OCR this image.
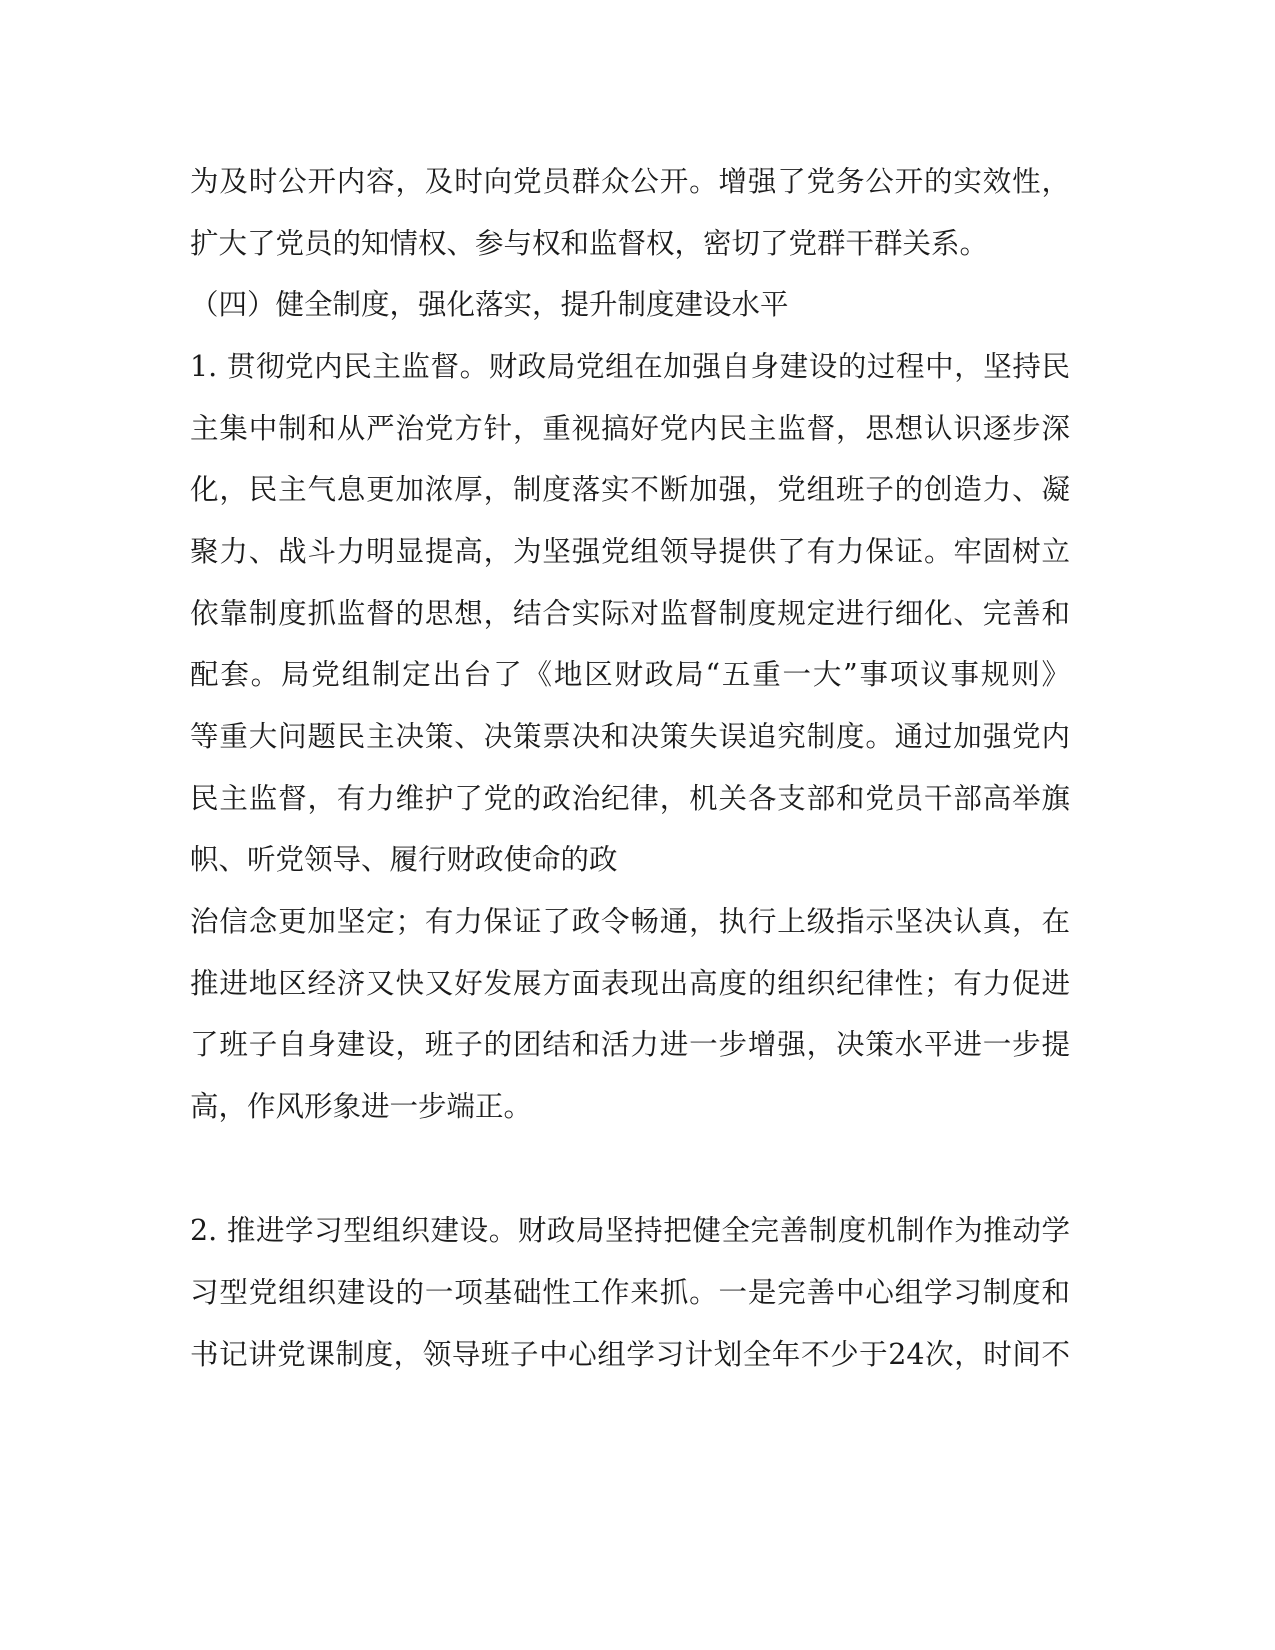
为及时公开内容，及时向党员群众公开。增强了党务公开的实效性，
扩大了党员的知情权、参与权和监督权，密切了党群干群关系。
（四）健全制度，强化落实，提升制度建设水平
1. 贯彻党内民主监督。财政局党组在加强自身建设的过程中，坚持民
主集中制和从严治党方针，重视搞好党内民主监督，思想认识逐步深
化，民主气息更加浓厚，制度落实不断加强，党组班子的创造力、凝
聚力、战斗力明显提高，为坚强党组领导提供了有力保证。牢固树立
依靠制度抓监督的思想，结合实际对监督制度规定进行细化、完善和
配套。局党组制定出台了《地区财政局“五重一大”事项议事规则》
等重大问题民主决策、决策票决和决策失误追究制度。通过加强党内
民主监督，有力维护了党的政治纪律，机关各支部和党员干部高举旗
帜、听党领导、履行财政使命的政
治信念更加坚定；有力保证了政令畅通，执行上级指示坚决认真，在
推进地区经济又快又好发展方面表现出高度的组织纪律性；有力促进
了班子自身建设，班子的团结和活力进一步增强，决策水平进一步提
高，作风形象进一步端正。
2. 推进学习型组织建设。财政局坚持把健全完善制度机制作为推动学
习型党组织建设的一项基础性工作来抓。一是完善中心组学习制度和
书记讲党课制度，领导班子中心组学习计划全年不少于24次，时间不
